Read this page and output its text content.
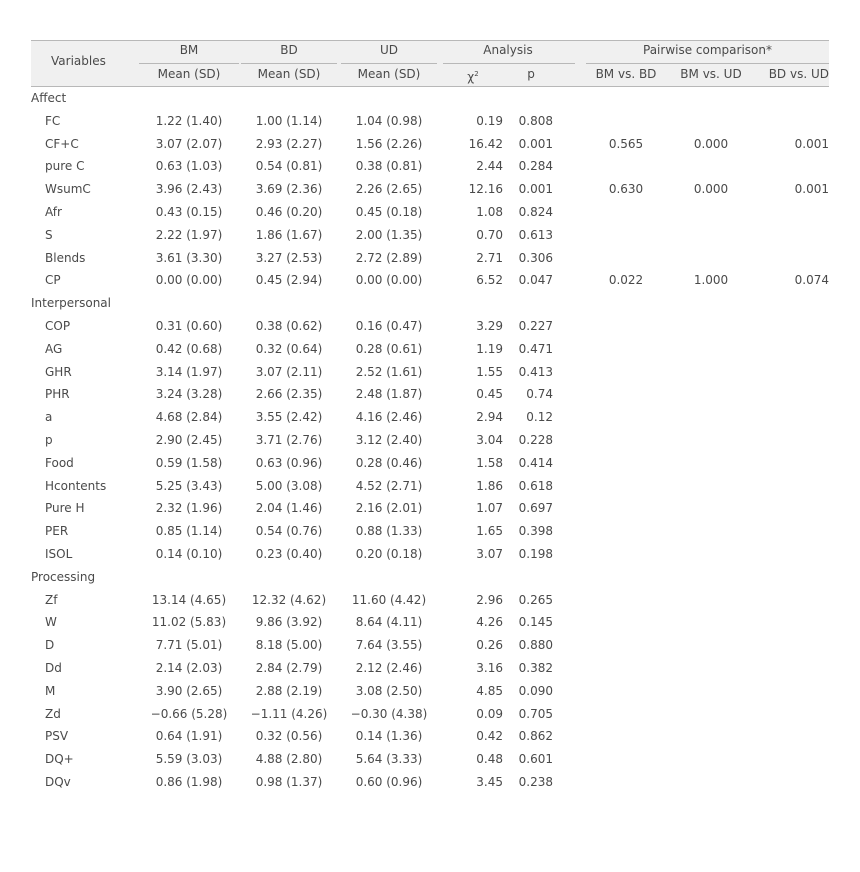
Variables
BM	BD	UD	Analysis	Pairwise comparison*
Mean (SD)	Mean (SD)	Mean (SD)	$\chi^2$	p	BM vs. BD	BM vs. UD	BD vs. UD
Affect
FC	1.22 (1.40)	1.00 (1.14)	1.04 (0.98)	0.19	0.808
CF+C	3.07 (2.07)	2.93 (2.27)	1.56 (2.26)	16.42	0.001	0.565	0.000	0.001
pure C	0.63 (1.03)	0.54 (0.81)	0.38 (0.81)	2.44	0.284
WsumC	3.96 (2.43)	3.69 (2.36)	2.26 (2.65)	12.16	0.001	0.630	0.000	0.001
Afr	0.43 (0.15)	0.46 (0.20)	0.45 (0.18)	1.08	0.824
S	2.22 (1.97)	1.86 (1.67)	2.00 (1.35)	0.70	0.613
Blends	3.61 (3.30)	3.27 (2.53)	2.72 (2.89)	2.71	0.306
CP	0.00 (0.00)	0.45 (2.94)	0.00 (0.00)	6.52	0.047	0.022	1.000	0.074
Interpersonal
COP	0.31 (0.60)	0.38 (0.62)	0.16 (0.47)	3.29	0.227
AG	0.42 (0.68)	0.32 (0.64)	0.28 (0.61)	1.19	0.471
GHR	3.14 (1.97)	3.07 (2.11)	2.52 (1.61)	1.55	0.413
PHR	3.24 (3.28)	2.66 (2.35)	2.48 (1.87)	0.45	0.74
a	4.68 (2.84)	3.55 (2.42)	4.16 (2.46)	2.94	0.12
p	2.90 (2.45)	3.71 (2.76)	3.12 (2.40)	3.04	0.228
Food	0.59 (1.58)	0.63 (0.96)	0.28 (0.46)	1.58	0.414
Hcontents	5.25 (3.43)	5.00 (3.08)	4.52 (2.71)	1.86	0.618
Pure H	2.32 (1.96)	2.04 (1.46)	2.16 (2.01)	1.07	0.697
PER	0.85 (1.14)	0.54 (0.76)	0.88 (1.33)	1.65	0.398
ISOL	0.14 (0.10)	0.23 (0.40)	0.20 (0.18)	3.07	0.198
Processing
Zf	13.14 (4.65)	12.32 (4.62)	11.60 (4.42)	2.96	0.265
W	11.02 (5.83)	9.86 (3.92)	8.64 (4.11)	4.26	0.145
D	7.71 (5.01)	8.18 (5.00)	7.64 (3.55)	0.26	0.880
Dd	2.14 (2.03)	2.84 (2.79)	2.12 (2.46)	3.16	0.382
M	3.90 (2.65)	2.88 (2.19)	3.08 (2.50)	4.85	0.090
Zd	−0.66 (5.28)	−1.11 (4.26)	−0.30 (4.38)	0.09	0.705
PSV	0.64 (1.91)	0.32 (0.56)	0.14 (1.36)	0.42	0.862
DQ+	5.59 (3.03)	4.88 (2.80)	5.64 (3.33)	0.48	0.601
DQv	0.86 (1.98)	0.98 (1.37)	0.60 (0.96)	3.45	0.238
